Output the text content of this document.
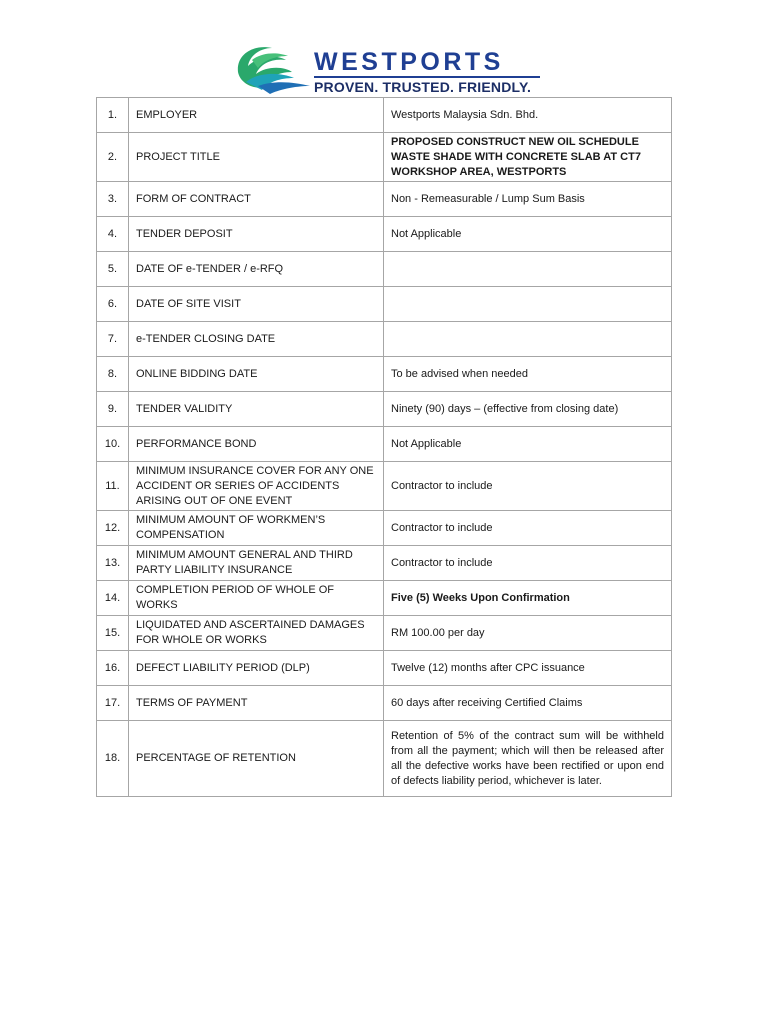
WESTPORTS
PROVEN. TRUSTED. FRIENDLY.
1.	EMPLOYER	Westports Malaysia Sdn. Bhd.
2.	PROJECT TITLE	PROPOSED CONSTRUCT NEW OIL SCHEDULE WASTE SHADE WITH CONCRETE SLAB AT CT7 WORKSHOP AREA, WESTPORTS
3.	FORM OF CONTRACT	Non - Remeasurable / Lump Sum Basis
4.	TENDER DEPOSIT	Not Applicable
5.	DATE OF e-TENDER / e-RFQ	
6.	DATE OF SITE VISIT	
7.	e-TENDER CLOSING DATE	
8.	ONLINE BIDDING DATE	To be advised when needed
9.	TENDER VALIDITY	Ninety (90) days – (effective from closing date)
10.	PERFORMANCE BOND	Not Applicable
11.	MINIMUM INSURANCE COVER FOR ANY ONE ACCIDENT OR SERIES OF ACCIDENTS ARISING OUT OF ONE EVENT	Contractor to include
12.	MINIMUM AMOUNT OF WORKMEN’S COMPENSATION	Contractor to include
13.	MINIMUM AMOUNT GENERAL AND THIRD PARTY LIABILITY INSURANCE	Contractor to include
14.	COMPLETION PERIOD OF WHOLE OF WORKS	Five (5) Weeks Upon Confirmation
15.	LIQUIDATED AND ASCERTAINED DAMAGES FOR WHOLE OR WORKS	RM 100.00 per day
16.	DEFECT LIABILITY PERIOD (DLP)	Twelve (12) months after CPC issuance
17.	TERMS OF PAYMENT	60 days after receiving Certified Claims
18.	PERCENTAGE OF RETENTION	Retention of 5% of the contract sum will be withheld from all the payment; which will then be released after all the defective works have been rectified or upon end of defects liability period, whichever is later.
